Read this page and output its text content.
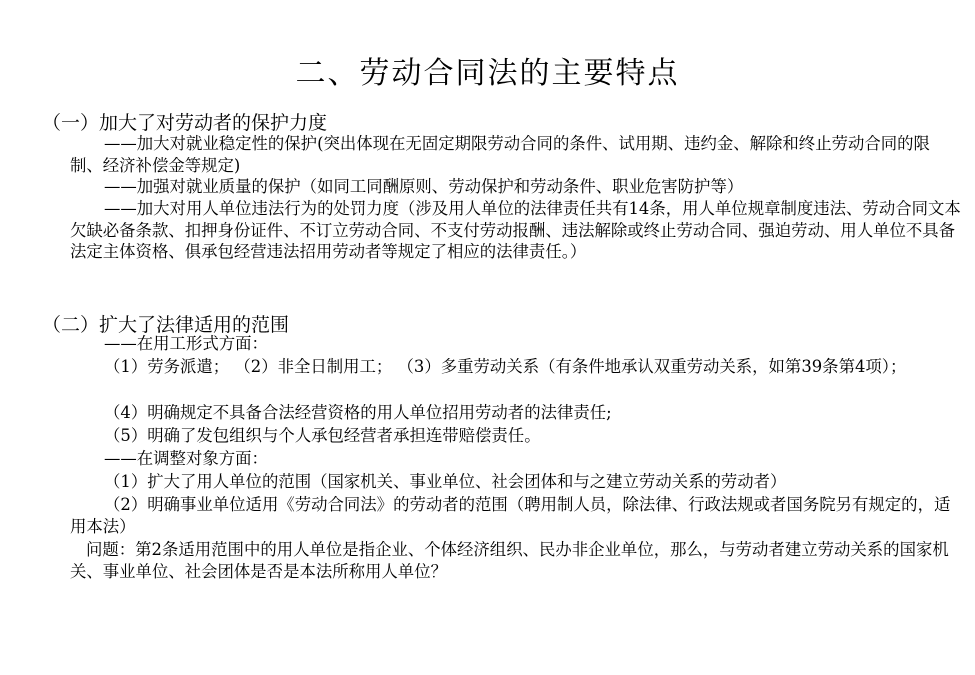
二、劳动合同法的主要特点
（一）加大了对劳动者的保护力度

——加大对就业稳定性的保护(突出体现在无固定期限劳动合同的条件、试用期、违约金、解除和终止劳动合同的限制、经济补偿金等规定)

——加强对就业质量的保护（如同工同酬原则、劳动保护和劳动条件、职业危害防护等）

——加大对用人单位违法行为的处罚力度（涉及用人单位的法律责任共有14条，用人单位规章制度违法、劳动合同文本欠缺必备条款、扣押身份证件、不订立劳动合同、不支付劳动报酬、违法解除或终止劳动合同、强迫劳动、用人单位不具备法定主体资格、俱承包经营违法招用劳动者等规定了相应的法律责任。）

（二）扩大了法律适用的范围

——在用工形式方面：

（1）劳务派遣； （2）非全日制用工； （3）多重劳动关系（有条件地承认双重劳动关系，如第39条第4项）；

（4）明确规定不具备合法经营资格的用人单位招用劳动者的法律责任;

（5）明确了发包组织与个人承包经营者承担连带赔偿责任。

——在调整对象方面：

（1）扩大了用人单位的范围（国家机关、事业单位、社会团体和与之建立劳动关系的劳动者）

（2）明确事业单位适用《劳动合同法》的劳动者的范围（聘用制人员，除法律、行政法规或者国务院另有规定的，适用本法）

问题：第2条适用范围中的用人单位是指企业、个体经济组织、民办非企业单位，那么，与劳动者建立劳动关系的国家机关、事业单位、社会团体是否是本法所称用人单位？
